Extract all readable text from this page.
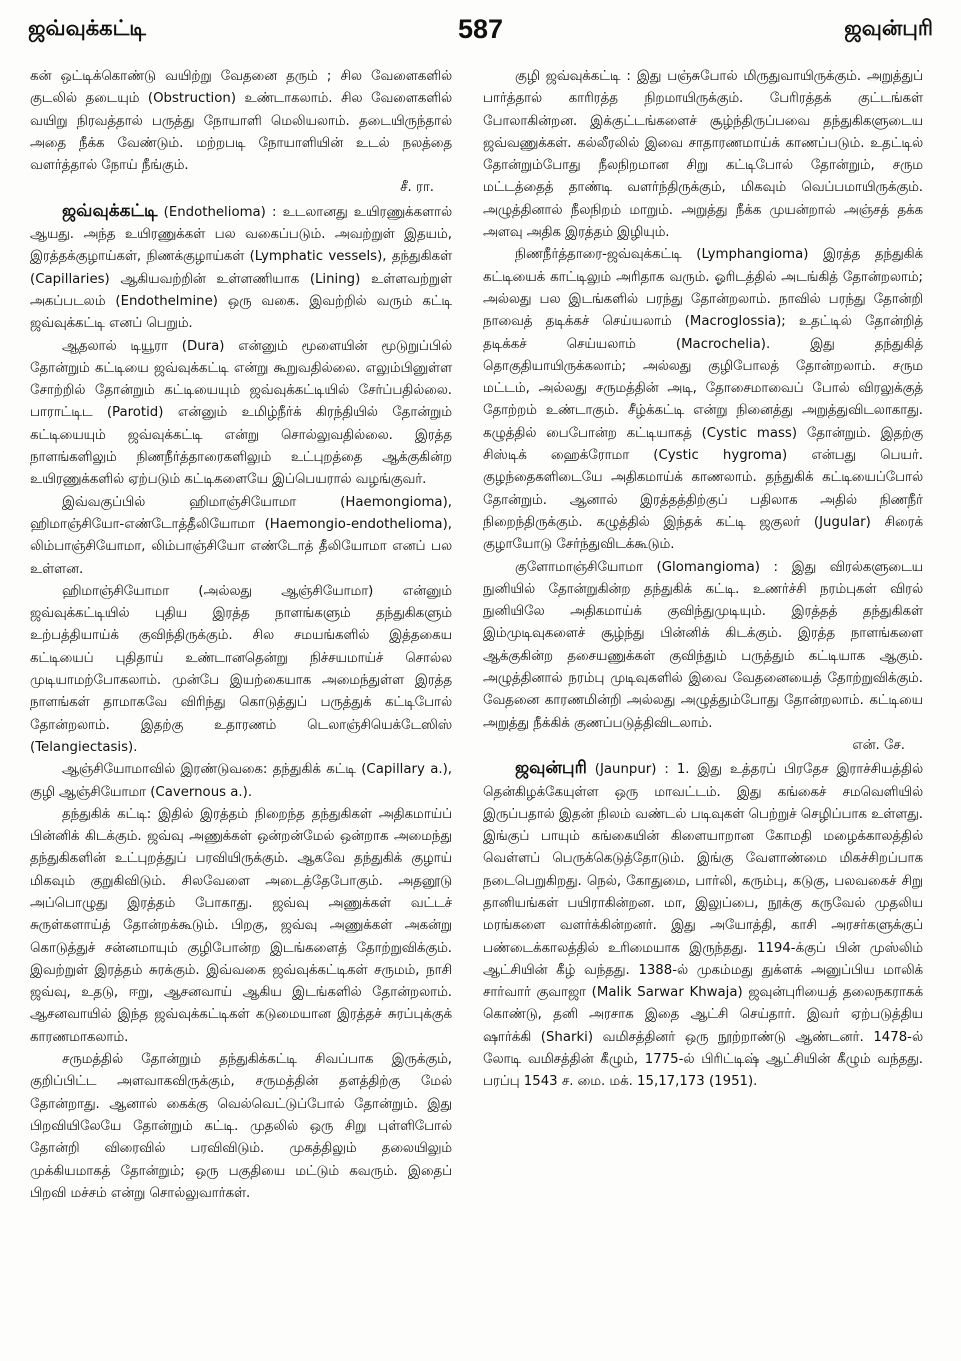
ஜவ்வுக்கட்டி	587	ஜவுன்புரி

கன் ஒட்டிக்கொண்டு வயிற்று வேதனை தரும் ; சில வேளைகளில் குடலில் தடையும் (Obstruction) உண்டாகலாம். சில வேளைகளில் வயிறு நிரவத்தால் பருத்து நோயாளி மெலியலாம். தடையிருந்தால் அதை நீக்க வேண்டும். மற்றபடி நோயாளியின் உடல் நலத்தை வளர்த்தால் நோய் நீங்கும்.

சீ. ரா.

ஜவ்வுக்கட்டி (Endothelioma) : உடலானது உயிரணுக்களால் ஆயது. அந்த உயிரணுக்கள் பல வகைப்படும். அவற்றுள் இதயம், இரத்தக்குழாய்கள், நிணக்குழாய்கள் (Lymphatic vessels), தந்துகிகள் (Capillaries) ஆகியவற்றின் உள்ளணியாக (Lining) உள்ளவற்றுள் அகப்படலம் (Endothelmine) ஒரு வகை. இவற்றில் வரும் கட்டி ஜவ்வுக்கட்டி எனப் பெறும்.

ஆதலால் டியூரா (Dura) என்னும் மூளையின் மூடுறுப்பில் தோன்றும் கட்டியை ஜவ்வுக்கட்டி என்று கூறுவதில்லை. எலும்பினுள்ள சோற்றில் தோன்றும் கட்டியையும் ஜவ்வுக்கட்டியில் சேர்ப்பதில்லை. பாராட்டிட (Parotid) என்னும் உமிழ்நீர்க் கிரந்தியில் தோன்றும் கட்டியையும் ஜவ்வுக்கட்டி என்று சொல்லுவதில்லை. இரத்த நாளங்களிலும் நிணநீர்த்தாரைகளிலும் உட்புறத்தை ஆக்குகின்ற உயிரணுக்களில் ஏற்படும் கட்டிகளையே இப்பெயரால் வழங்குவர்.

இவ்வகுப்பில் ஹிமாஞ்சியோமா (Haemongioma), ஹிமாஞ்சியோ-எண்டோத்தீலியோமா (Haemongio-endothelioma), லிம்பாஞ்சியோமா, லிம்பாஞ்சியோ எண்டோத் தீலியோமா எனப் பல உள்ளன.

ஹிமாஞ்சியோமா (அல்லது ஆஞ்சியோமா) என்னும் ஜவ்வுக்கட்டியில் புதிய இரத்த நாளங்களும் தந்துகிகளும் உற்பத்தியாய்க் குவிந்திருக்கும். சில சமயங்களில் இத்தகைய கட்டியைப் புதிதாய் உண்டானதென்று நிச்சயமாய்ச் சொல்ல முடியாமற்போகலாம். முன்பே இயற்கையாக அமைந்துள்ள இரத்த நாளங்கள் தாமாகவே விரிந்து கொடுத்துப் பருத்துக் கட்டிபோல் தோன்றலாம். இதற்கு உதாரணம் டெலாஞ்சியெக்டேஸிஸ் (Telangiectasis).

ஆஞ்சியோமாவில் இரண்டுவகை: தந்துகிக் கட்டி (Capillary a.), குழி ஆஞ்சியோமா (Cavernous a.).

தந்துகிக் கட்டி: இதில் இரத்தம் நிறைந்த தந்துகிகள் அதிகமாய்ப் பின்னிக் கிடக்கும். ஜவ்வு அணுக்கள் ஒன்றன்மேல் ஒன்றாக அமைந்து தந்துகிகளின் உட்புறத்துப் பரவியிருக்கும். ஆகவே தந்துகிக் குழாய் மிகவும் குறுகிவிடும். சிலவேளை அடைத்தேபோகும். அதனூடு அப்பொழுது இரத்தம் போகாது. ஜவ்வு அணுக்கள் வட்டச் சுருள்களாய்த் தோன்றக்கூடும். பிறகு, ஜவ்வு அணுக்கள் அகன்று கொடுத்துச் சன்னமாயும் குழிபோன்ற இடங்களைத் தோற்றுவிக்கும். இவற்றுள் இரத்தம் சுரக்கும். இவ்வகை ஜவ்வுக்கட்டிகள் சருமம், நாசி ஜவ்வு, உதடு, ஈறு, ஆசனவாய் ஆகிய இடங்களில் தோன்றலாம். ஆசனவாயில் இந்த ஜவ்வுக்கட்டிகள் கடுமையான இரத்தச் சுரப்புக்குக் காரணமாகலாம்.

சருமத்தில் தோன்றும் தந்துகிக்கட்டி சிவப்பாக இருக்கும், குறிப்பிட்ட அளவாகவிருக்கும், சருமத்தின் தளத்திற்கு மேல் தோன்றாது. ஆனால் கைக்கு வெல்வெட்டுப்போல் தோன்றும். இது பிறவியிலேயே தோன்றும் கட்டி. முதலில் ஒரு சிறு புள்ளிபோல் தோன்றி விரைவில் பரவிவிடும். முகத்திலும் தலையிலும் முக்கியமாகத் தோன்றும்; ஒரு பகுதியை மட்டும் கவரும். இதைப் பிறவி மச்சம் என்று சொல்லுவார்கள்.

குழி ஜவ்வுக்கட்டி : இது பஞ்சுபோல் மிருதுவாயிருக்கும். அறுத்துப் பார்த்தால் காரிரத்த நிறமாயிருக்கும். பேரிரத்தக் குட்டங்கள் போலாகின்றன. இக்குட்டங்களைச் சூழ்ந்திருப்பவை தந்துகிகளுடைய ஜவ்வணுக்கள். கல்லீரலில் இவை சாதாரணமாய்க் காணப்படும். உதட்டில் தோன்றும்போது நீலநிறமான சிறு கட்டிபோல் தோன்றும், சரும மட்டத்தைத் தாண்டி வளர்ந்திருக்கும், மிகவும் வெப்பமாயிருக்கும். அழுத்தினால் நீலநிறம் மாறும். அறுத்து நீக்க முயன்றால் அஞ்சத் தக்க அளவு அதிக இரத்தம் இழியும்.

நிணநீர்த்தாரை-ஜவ்வுக்கட்டி (Lymphangioma) இரத்த தந்துகிக் கட்டியைக் காட்டிலும் அரிதாக வரும். ஓரிடத்தில் அடங்கித் தோன்றலாம்; அல்லது பல இடங்களில் பரந்து தோன்றலாம். நாவில் பரந்து தோன்றி நாவைத் தடிக்கச் செய்யலாம் (Macroglossia); உதட்டில் தோன்றித் தடிக்கச் செய்யலாம் (Macrochelia). இது தந்துகித் தொகுதியாயிருக்கலாம்; அல்லது குழிபோலத் தோன்றலாம். சரும மட்டம், அல்லது சருமத்தின் அடி, தோசைமாவைப் போல் விரலுக்குத் தோற்றம் உண்டாகும். சீழ்க்கட்டி என்று நினைத்து அறுத்துவிடலாகாது. கழுத்தில் பைபோன்ற கட்டியாகத் (Cystic mass) தோன்றும். இதற்கு சிஸ்டிக் ஹைக்ரோமா (Cystic hygroma) என்பது பெயர். குழந்தைகளிடையே அதிகமாய்க் காணலாம். தந்துகிக் கட்டியைப்போல் தோன்றும். ஆனால் இரத்தத்திற்குப் பதிலாக அதில் நிணநீர் நிறைந்திருக்கும். கழுத்தில் இந்தக் கட்டி ஜகுலர் (Jugular) சிரைக் குழாயோடு சேர்ந்துவிடக்கூடும்.

குளோமாஞ்சியோமா (Glomangioma) : இது விரல்களுடைய நுனியில் தோன்றுகின்ற தந்துகிக் கட்டி. உணர்ச்சி நரம்புகள் விரல் நுனியிலே அதிகமாய்க் குவிந்துமுடியும். இரத்தத் தந்துகிகள் இம்முடிவுகளைச் சூழ்ந்து பின்னிக் கிடக்கும். இரத்த நாளங்களை ஆக்குகின்ற தசையணுக்கள் குவிந்தும் பருத்தும் கட்டியாக ஆகும். அழுத்தினால் நரம்பு முடிவுகளில் இவை வேதனையைத் தோற்றுவிக்கும். வேதனை காரணமின்றி அல்லது அழுத்தும்போது தோன்றலாம். கட்டியை அறுத்து நீக்கிக் குணப்படுத்திவிடலாம்.

என். சே.

ஜவுன்புரி (Jaunpur) : 1. இது உத்தரப் பிரதேச இராச்சியத்தில் தென்கிழக்கேயுள்ள ஒரு மாவட்டம். இது கங்கைச் சமவெளியில் இருப்பதால் இதன் நிலம் வண்டல் படிவுகள் பெற்றுச் செழிப்பாக உள்ளது. இங்குப் பாயும் கங்கையின் கிளையாறான கோமதி மழைக்காலத்தில் வெள்ளப் பெருக்கெடுத்தோடும். இங்கு வேளாண்மை மிகச்சிறப்பாக நடைபெறுகிறது. நெல், கோதுமை, பார்லி, கரும்பு, கடுகு, பலவகைச் சிறு தானியங்கள் பயிராகின்றன. மா, இலுப்பை, நூக்கு கருவேல் முதலிய மரங்களை வளர்க்கின்றனர். இது அயோத்தி, காசி அரசர்களுக்குப் பண்டைக்காலத்தில் உரிமையாக இருந்தது. 1194-க்குப் பின் முஸ்லிம் ஆட்சியின் கீழ் வந்தது. 1388-ல் முகம்மது துக்ளக் அனுப்பிய மாலிக் சார்வார் குவாஜா (Malik Sarwar Khwaja) ஜவுன்புரியைத் தலைநகராகக் கொண்டு, தனி அரசாக இதை ஆட்சி செய்தார். இவர் ஏற்படுத்திய ஷார்க்கி (Sharki) வமிசத்தினர் ஒரு நூற்றாண்டு ஆண்டனர். 1478-ல் லோடி வமிசத்தின் கீழும், 1775-ல் பிரிட்டிஷ் ஆட்சியின் கீழும் வந்தது. பரப்பு 1543 ச. மை. மக். 15,17,173 (1951).
